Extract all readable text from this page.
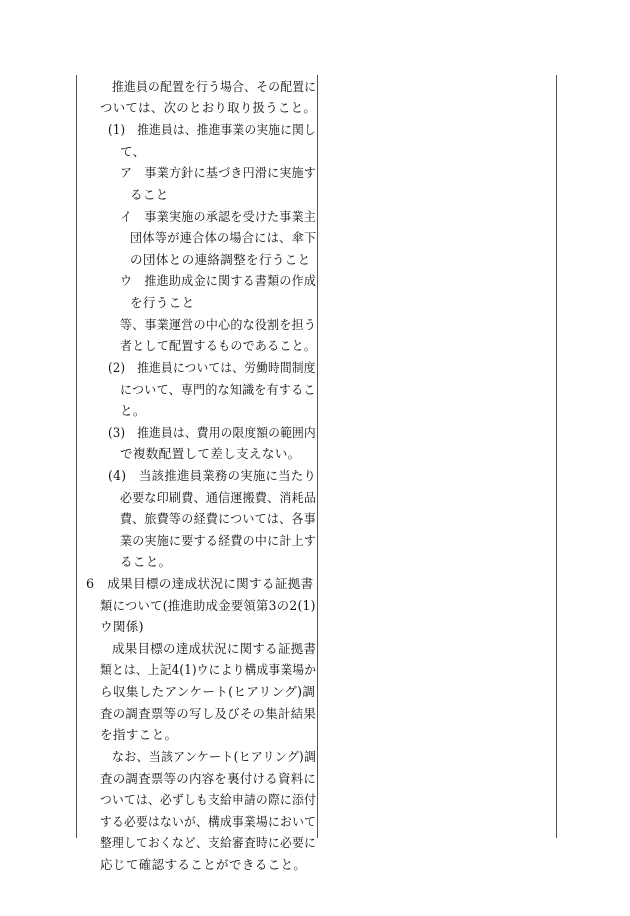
推進員の配置を行う場合、その配置に
ついては、次のとおり取り扱うこと。
(1)　推進員は、推進事業の実施に関し
て、
ア　事業方針に基づき円滑に実施す
ること
イ　事業実施の承認を受けた事業主
団体等が連合体の場合には、傘下
の団体との連絡調整を行うこと
ウ　推進助成金に関する書類の作成
を行うこと
等、事業運営の中心的な役割を担う
者として配置するものであること。
(2)　推進員については、労働時間制度
について、専門的な知識を有するこ
と。
(3)　推進員は、費用の限度額の範囲内
で複数配置して差し支えない。
(4)　当該推進員業務の実施に当たり
必要な印刷費、通信運搬費、消耗品
費、旅費等の経費については、各事
業の実施に要する経費の中に計上す
ること。
6　成果目標の達成状況に関する証拠書
類について(推進助成金要領第3の2(1)
ウ関係)
成果目標の達成状況に関する証拠書
類とは、上記4(1)ウにより構成事業場か
ら収集したアンケート(ヒアリング)調
査の調査票等の写し及びその集計結果
を指すこと。
なお、当該アンケート(ヒアリング)調
査の調査票等の内容を裏付ける資料に
ついては、必ずしも支給申請の際に添付
する必要はないが、構成事業場において
整理しておくなど、支給審査時に必要に
応じて確認することができること。
